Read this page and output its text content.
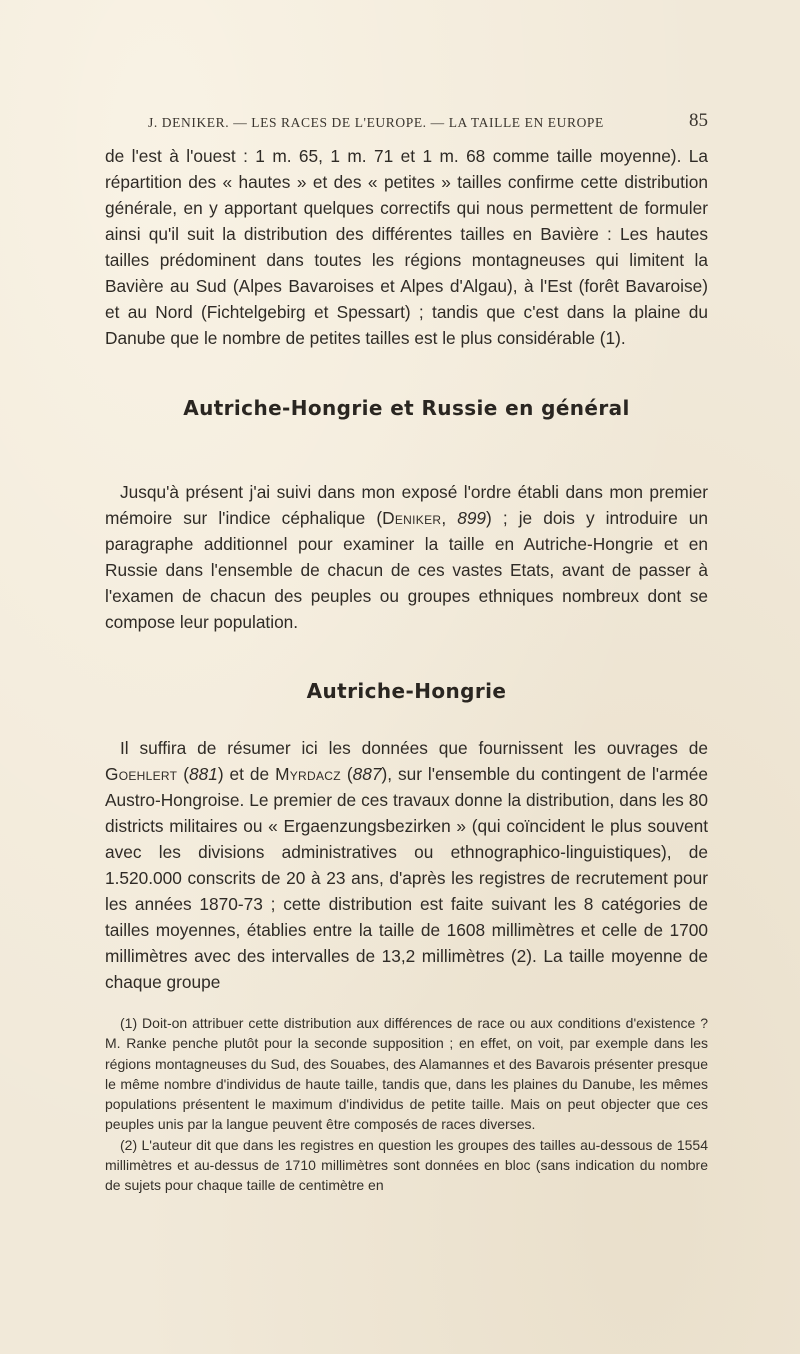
J. DENIKER. — LES RACES DE L'EUROPE. — LA TAILLE EN EUROPE	85

de l'est à l'ouest : 1 m. 65, 1 m. 71 et 1 m. 68 comme taille moyenne). La répartition des « hautes » et des « petites » tailles confirme cette distribution générale, en y apportant quelques correctifs qui nous permettent de formuler ainsi qu'il suit la distribution des différentes tailles en Bavière : Les hautes tailles prédominent dans toutes les régions montagneuses qui limitent la Bavière au Sud (Alpes Bavaroises et Alpes d'Algau), à l'Est (forêt Bavaroise) et au Nord (Fichtelgebirg et Spessart) ; tandis que c'est dans la plaine du Danube que le nombre de petites tailles est le plus considérable (1).

Autriche-Hongrie et Russie en général

Jusqu'à présent j'ai suivi dans mon exposé l'ordre établi dans mon premier mémoire sur l'indice céphalique (Deniker, 899) ; je dois y introduire un paragraphe additionnel pour examiner la taille en Autriche-Hongrie et en Russie dans l'ensemble de chacun de ces vastes Etats, avant de passer à l'examen de chacun des peuples ou groupes ethniques nombreux dont se compose leur population.

Autriche-Hongrie

Il suffira de résumer ici les données que fournissent les ouvrages de Goehlert (881) et de Myrdacz (887), sur l'ensemble du contingent de l'armée Austro-Hongroise. Le premier de ces travaux donne la distribution, dans les 80 districts militaires ou « Ergaenzungsbezirken » (qui coïncident le plus souvent avec les divisions administratives ou ethnographico-linguistiques), de 1.520.000 conscrits de 20 à 23 ans, d'après les registres de recrutement pour les années 1870-73 ; cette distribution est faite suivant les 8 catégories de tailles moyennes, établies entre la taille de 1608 millimètres et celle de 1700 millimètres avec des intervalles de 13,2 millimètres (2). La taille moyenne de chaque groupe

(1) Doit-on attribuer cette distribution aux différences de race ou aux conditions d'existence ? M. Ranke penche plutôt pour la seconde supposition ; en effet, on voit, par exemple dans les régions montagneuses du Sud, des Souabes, des Alamannes et des Bavarois présenter presque le même nombre d'individus de haute taille, tandis que, dans les plaines du Danube, les mêmes populations présentent le maximum d'individus de petite taille. Mais on peut objecter que ces peuples unis par la langue peuvent être composés de races diverses.

(2) L'auteur dit que dans les registres en question les groupes des tailles au-dessous de 1554 millimètres et au-dessus de 1710 millimètres sont données en bloc (sans indication du nombre de sujets pour chaque taille de centimètre en
